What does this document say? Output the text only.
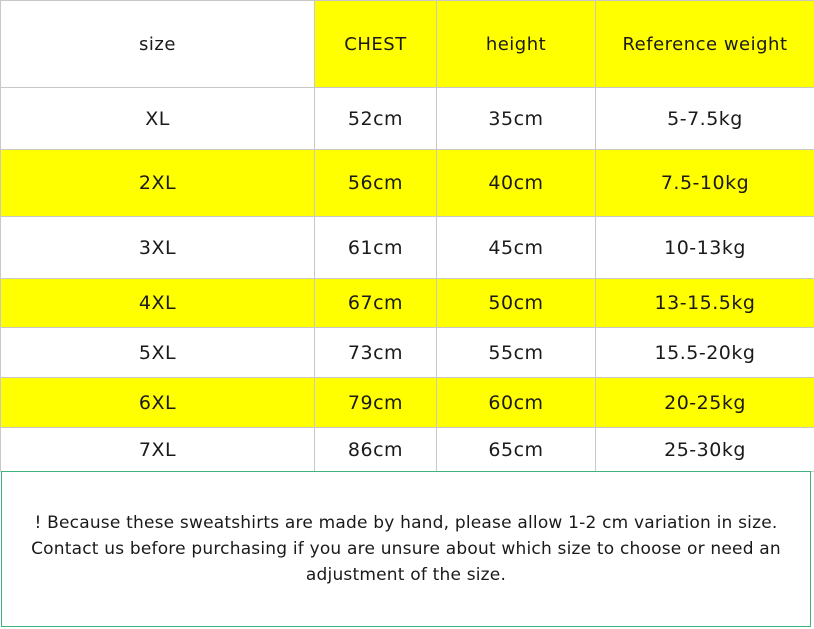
size	CHEST	height	Reference weight
XL	52cm	35cm	5-7.5kg
2XL	56cm	40cm	7.5-10kg
3XL	61cm	45cm	10-13kg
4XL	67cm	50cm	13-15.5kg
5XL	73cm	55cm	15.5-20kg
6XL	79cm	60cm	20-25kg
7XL	86cm	65cm	25-30kg

! Because these sweatshirts are made by hand, please allow 1-2 cm variation in size. Contact us before purchasing if you are unsure about which size to choose or need an adjustment of the size.
